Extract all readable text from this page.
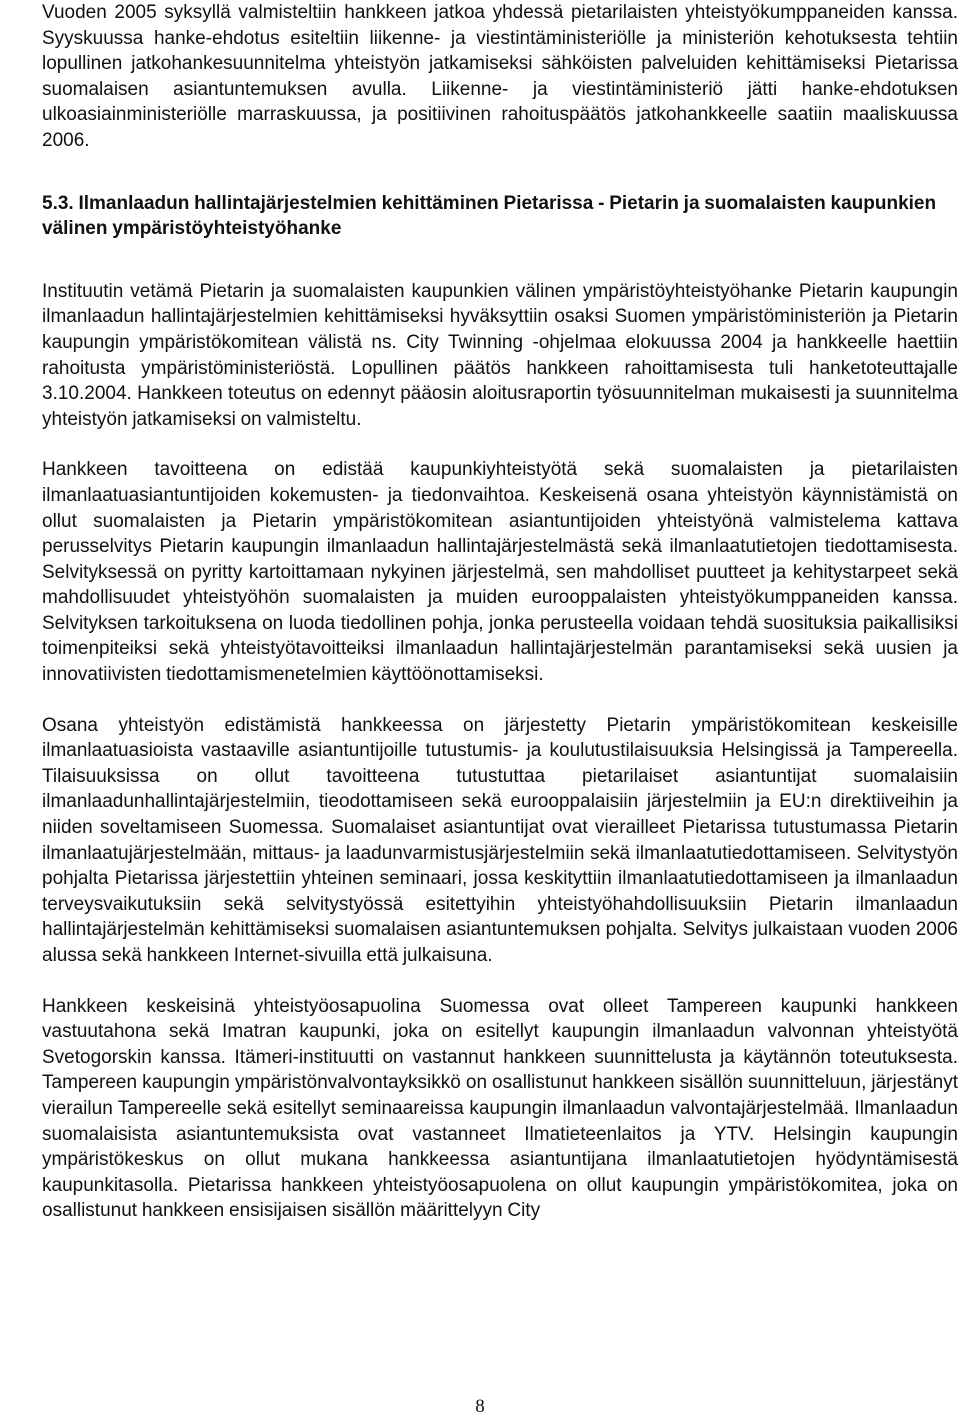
Vuoden 2005 syksyllä valmisteltiin hankkeen jatkoa yhdessä pietarilaisten yhteistyökumppaneiden kanssa. Syyskuussa hanke-ehdotus esiteltiin liikenne- ja viestintäministeriölle ja ministeriön kehotuksesta tehtiin lopullinen jatkohankesuunnitelma yhteistyön jatkamiseksi sähköisten palveluiden kehittämiseksi Pietarissa suomalaisen asiantuntemuksen avulla. Liikenne- ja viestintäministeriö jätti hanke-ehdotuksen ulkoasiainministeriölle marraskuussa, ja positiivinen rahoituspäätös jatkohankkeelle saatiin maaliskuussa 2006.

5.3. Ilmanlaadun hallintajärjestelmien kehittäminen Pietarissa - Pietarin ja suomalaisten kaupunkien välinen ympäristöyhteistyöhanke

Instituutin vetämä Pietarin ja suomalaisten kaupunkien välinen ympäristöyhteistyöhanke Pietarin kaupungin ilmanlaadun hallintajärjestelmien kehittämiseksi hyväksyttiin osaksi Suomen ympäristöministeriön ja Pietarin kaupungin ympäristökomitean välistä ns. City Twinning -ohjelmaa elokuussa 2004 ja hankkeelle haettiin rahoitusta ympäristöministeriöstä. Lopullinen päätös hankkeen rahoittamisesta tuli hanketoteuttajalle 3.10.2004. Hankkeen toteutus on edennyt pääosin aloitusraportin työsuunnitelman mukaisesti ja suunnitelma yhteistyön jatkamiseksi on valmisteltu.

Hankkeen tavoitteena on edistää kaupunkiyhteistyötä sekä suomalaisten ja pietarilaisten ilmanlaatuasiantuntijoiden kokemusten- ja tiedonvaihtoa. Keskeisenä osana yhteistyön käynnistämistä on ollut suomalaisten ja Pietarin ympäristökomitean asiantuntijoiden yhteistyönä valmistelema kattava perusselvitys Pietarin kaupungin ilmanlaadun hallintajärjestelmästä sekä ilmanlaatutietojen tiedottamisesta. Selvityksessä on pyritty kartoittamaan nykyinen järjestelmä, sen mahdolliset puutteet ja kehitystarpeet sekä mahdollisuudet yhteistyöhön suomalaisten ja muiden eurooppalaisten yhteistyökumppaneiden kanssa. Selvityksen tarkoituksena on luoda tiedollinen pohja, jonka perusteella voidaan tehdä suosituksia paikallisiksi toimenpiteiksi sekä yhteistyötavoitteiksi ilmanlaadun hallintajärjestelmän parantamiseksi sekä uusien ja innovatiivisten tiedottamismenetelmien käyttöönottamiseksi.

Osana yhteistyön edistämistä hankkeessa on järjestetty Pietarin ympäristökomitean keskeisille ilmanlaatuasioista vastaaville asiantuntijoille tutustumis- ja koulutustilaisuuksia Helsingissä ja Tampereella. Tilaisuuksissa on ollut tavoitteena tutustuttaa pietarilaiset asiantuntijat suomalaisiin ilmanlaadunhallintajärjestelmiin, tieodottamiseen sekä eurooppalaisiin järjestelmiin ja EU:n direktiiveihin ja niiden soveltamiseen Suomessa. Suomalaiset asiantuntijat ovat vierailleet Pietarissa tutustumassa Pietarin ilmanlaatujärjestelmään, mittaus- ja laadunvarmistusjärjestelmiin sekä ilmanlaatutiedottamiseen. Selvitystyön pohjalta Pietarissa järjestettiin yhteinen seminaari, jossa keskityttiin ilmanlaatutiedottamiseen ja ilmanlaadun terveysvaikutuksiin sekä selvitystyössä esitettyihin yhteistyöhahdollisuuksiin Pietarin ilmanlaadun hallintajärjestelmän kehittämiseksi suomalaisen asiantuntemuksen pohjalta. Selvitys julkaistaan vuoden 2006 alussa sekä hankkeen Internet-sivuilla että julkaisuna.

Hankkeen keskeisinä yhteistyöosapuolina Suomessa ovat olleet Tampereen kaupunki hankkeen vastuutahona sekä Imatran kaupunki, joka on esitellyt kaupungin ilmanlaadun valvonnan yhteistyötä Svetogorskin kanssa. Itämeri-instituutti on vastannut hankkeen suunnittelusta ja käytännön toteutuksesta. Tampereen kaupungin ympäristönvalvontayksikkö on osallistunut hankkeen sisällön suunnitteluun, järjestänyt vierailun Tampereelle sekä esitellyt seminaareissa kaupungin ilmanlaadun valvontajärjestelmää. Ilmanlaadun suomalaisista asiantuntemuksista ovat vastanneet Ilmatieteenlaitos ja YTV. Helsingin kaupungin ympäristökeskus on ollut mukana hankkeessa asiantuntijana ilmanlaatutietojen hyödyntämisestä kaupunkitasolla. Pietarissa hankkeen yhteistyöosapuolena on ollut kaupungin ympäristökomitea, joka on osallistunut hankkeen ensisijaisen sisällön määrittelyyn City

8
